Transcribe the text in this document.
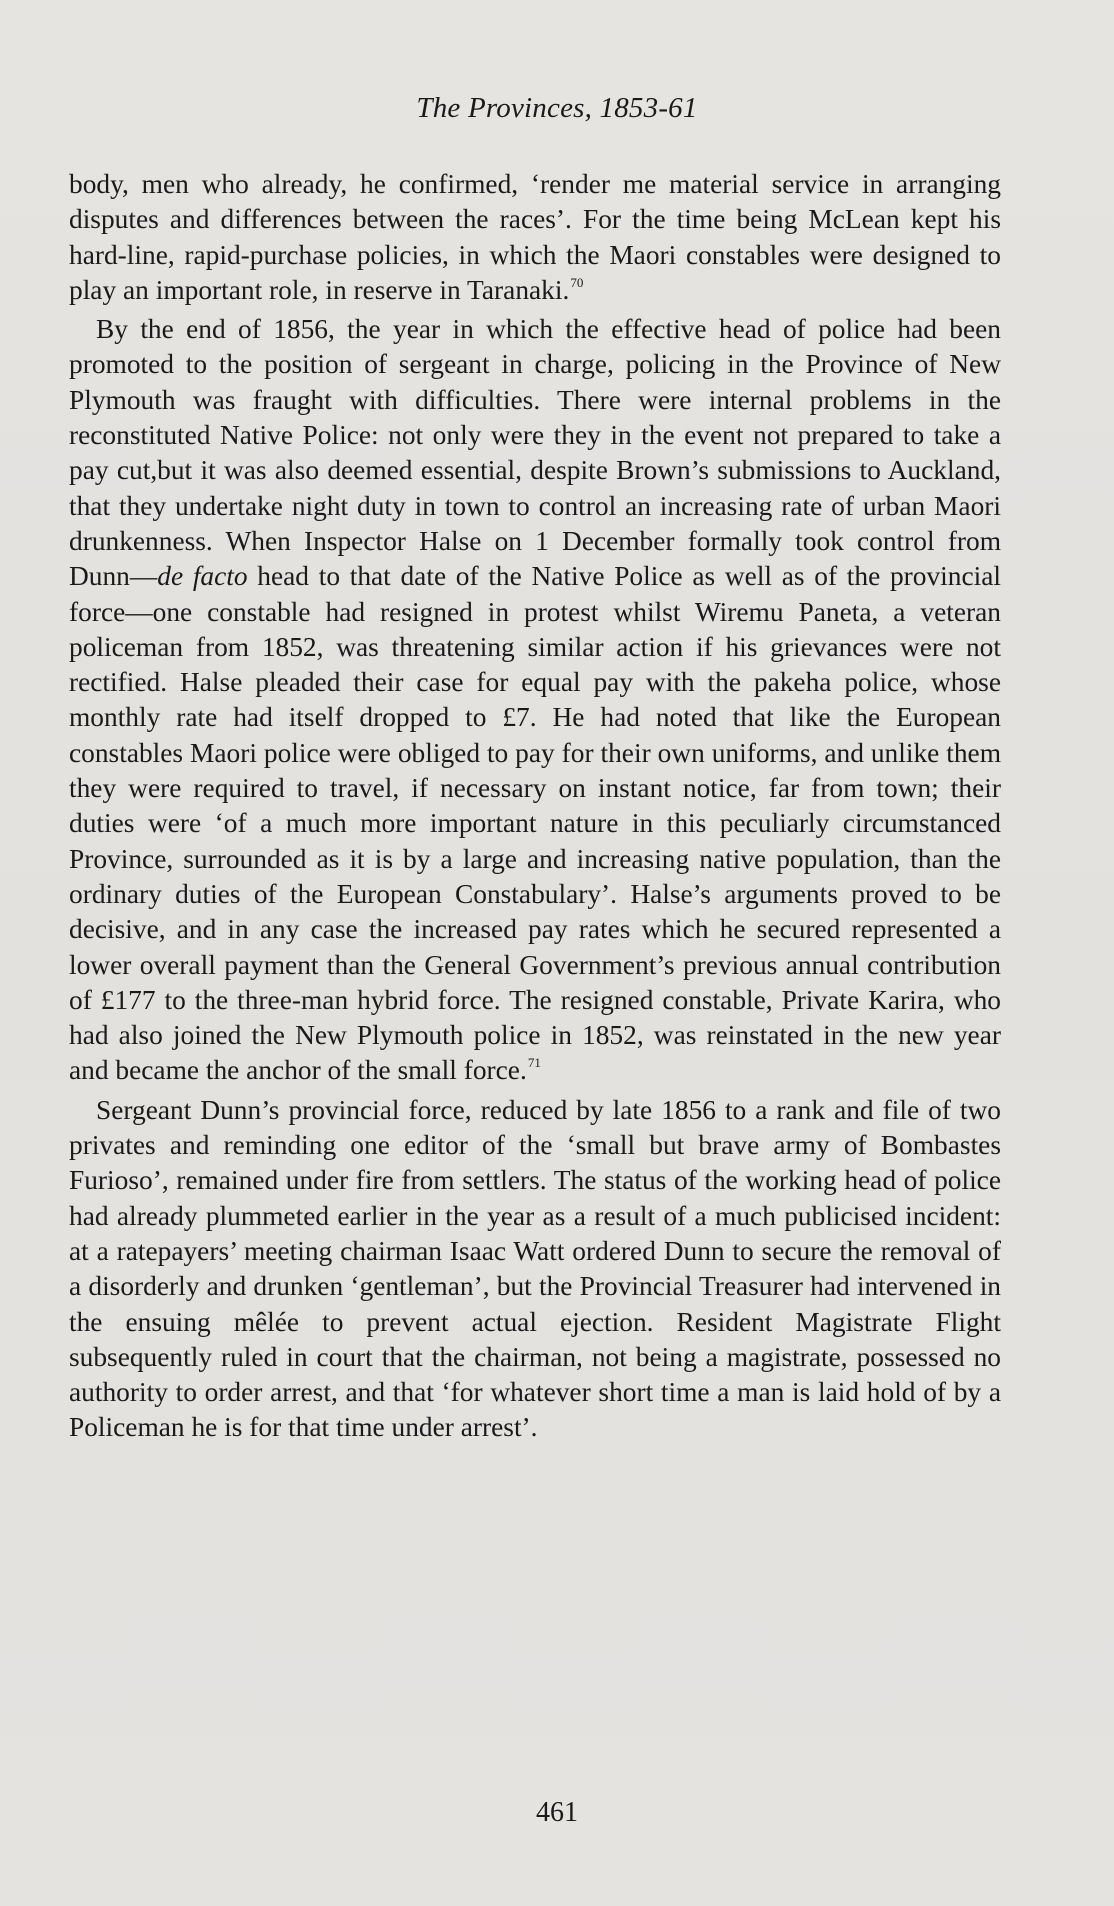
The Provinces, 1853-61

body, men who already, he confirmed, ‘render me material service in arranging disputes and differences between the races’. For the time being McLean kept his hard-line, rapid-purchase policies, in which the Maori constables were designed to play an important role, in reserve in Taranaki.$^{70}$

By the end of 1856, the year in which the effective head of police had been promoted to the position of sergeant in charge, policing in the Province of New Plymouth was fraught with difficulties. There were internal problems in the reconstituted Native Police: not only were they in the event not prepared to take a pay cut,but it was also deemed essential, despite Brown’s submissions to Auckland, that they undertake night duty in town to control an increasing rate of urban Maori drunkenness. When Inspector Halse on 1 December formally took control from Dunn—de facto head to that date of the Native Police as well as of the provincial force—one constable had resigned in protest whilst Wiremu Paneta, a veteran policeman from 1852, was threatening similar action if his grievances were not rectified. Halse pleaded their case for equal pay with the pakeha police, whose monthly rate had itself dropped to £7. He had noted that like the European constables Maori police were obliged to pay for their own uniforms, and unlike them they were required to travel, if necessary on instant notice, far from town; their duties were ‘of a much more important nature in this peculiarly circumstanced Province, surrounded as it is by a large and increasing native population, than the ordinary duties of the European Constabulary’. Halse’s arguments proved to be decisive, and in any case the increased pay rates which he secured represented a lower overall payment than the General Government’s previous annual contribution of £177 to the three-man hybrid force. The resigned constable, Private Karira, who had also joined the New Plymouth police in 1852, was reinstated in the new year and became the anchor of the small force.$^{71}$

Sergeant Dunn’s provincial force, reduced by late 1856 to a rank and file of two privates and reminding one editor of the ‘small but brave army of Bombastes Furioso’, remained under fire from settlers. The status of the working head of police had already plummeted earlier in the year as a result of a much publicised incident: at a ratepayers’ meeting chairman Isaac Watt ordered Dunn to secure the removal of a disorderly and drunken ‘gentleman’, but the Provincial Treasurer had intervened in the ensuing mêlée to prevent actual ejection. Resident Magistrate Flight subsequently ruled in court that the chairman, not being a magistrate, possessed no authority to order arrest, and that ‘for whatever short time a man is laid hold of by a Policeman he is for that time under arrest’.

461
